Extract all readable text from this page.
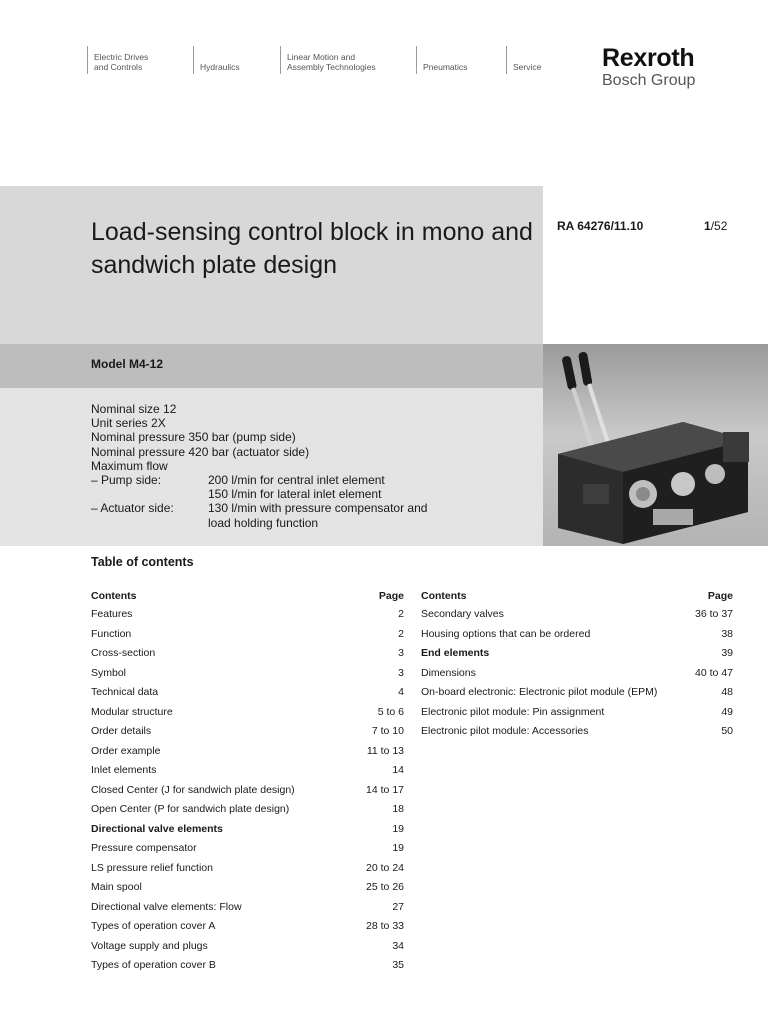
Electric Drives
and Controls	Hydraulics
Linear Motion and
Assembly Technologies	Pneumatics	Service Rexroth
Bosch Group
Load-sensing control block in mono and sandwich plate design
RA 64276/11.10	1/52
Model M4-12
Nominal size 12
Unit series 2X
Nominal pressure 350 bar (pump side)
Nominal pressure 420 bar (actuator side)
Maximum flow
– Pump side:	200 l/min for central inlet element
150 l/min for lateral inlet element
– Actuator side:	130 l/min with pressure compensator and
load holding function
Table of contents
Contents	Page
Features	2
Function	2
Cross-section	3
Symbol	3
Technical data	4
Modular structure	5 to 6
Order details	7 to 10
Order example	11 to 13
Inlet elements	14
Closed Center (J for sandwich plate design)	14 to 17
Open Center (P for sandwich plate design)	18
Directional valve elements	19
Pressure compensator	19
LS pressure relief function	20 to 24
Main spool	25 to 26
Directional valve elements: Flow	27
Types of operation cover A	28 to 33
Voltage supply and plugs	34
Types of operation cover B	35
Contents	Page
Secondary valves	36 to 37
Housing options that can be ordered	38
End elements	39
Dimensions	40 to 47
On-board electronic: Electronic pilot module (EPM)	48
Electronic pilot module: Pin assignment	49
Electronic pilot module: Accessories	50
